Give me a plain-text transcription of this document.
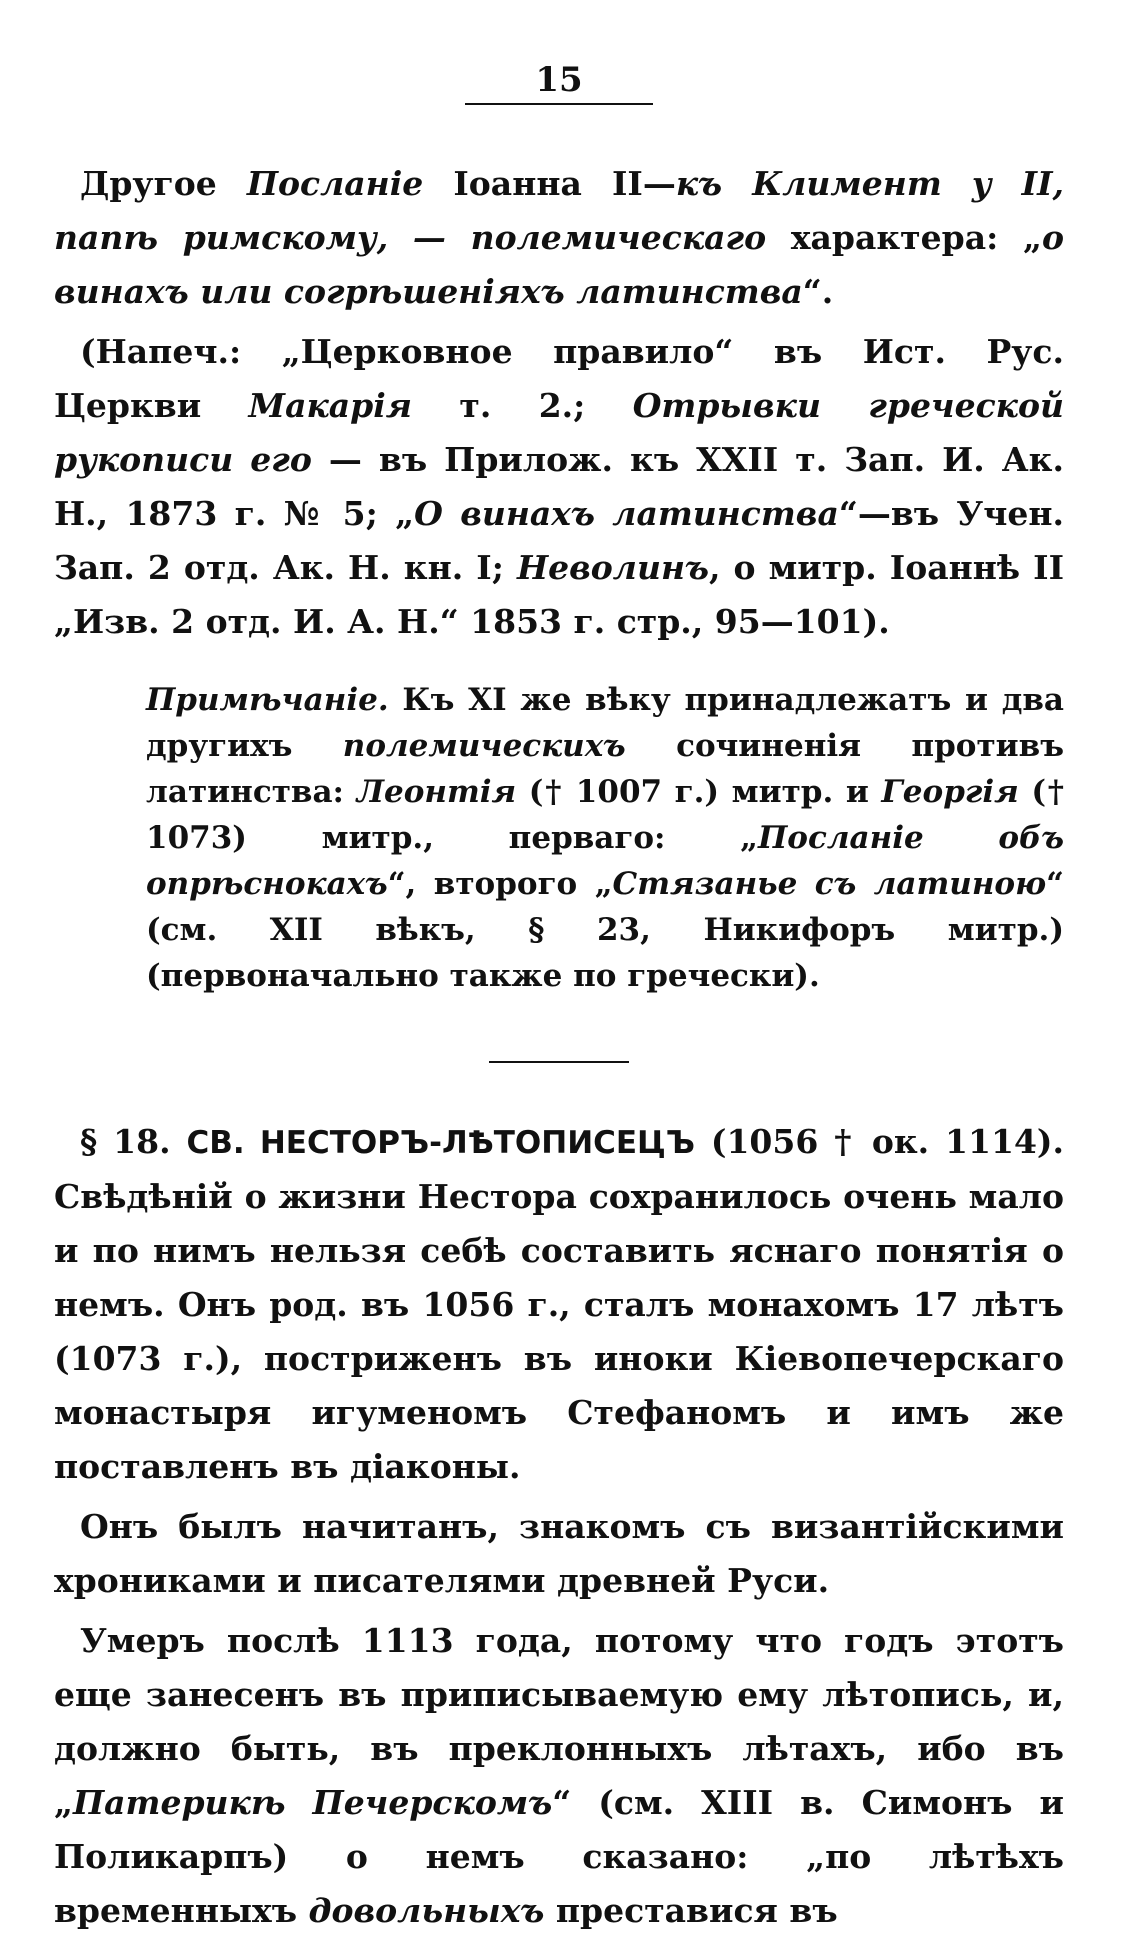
15

Другое Посланіе Іоанна II—къ Климент у II, папѣ римскому, — полемическаго характера: „о винахъ или согрѣшеніяхъ латинства“.

(Напеч.: „Церковное правило“ въ Ист. Рус. Церкви Макарія т. 2.; Отрывки греческой рукописи его — въ Прилож. къ XXII т. Зап. И. Ак. Н., 1873 г. № 5; „О винахъ латинства“—въ Учен. Зап. 2 отд. Ак. Н. кн. I; Неволинъ, о митр. Іоаннѣ II „Изв. 2 отд. И. А. Н.“ 1853 г. стр., 95—101).

Примѣчаніе. Къ XI же вѣку принадлежатъ и два другихъ полемическихъ сочиненія противъ латинства: Леонтія († 1007 г.) митр. и Георгія († 1073) митр., перваго: „Посланіе объ опрѣснокахъ“, второго „Стязанье съ латиною“ (см. XII вѣкъ, § 23, Никифоръ митр.) (первоначально также по гречески).

§ 18. СВ. НЕСТОРЪ-ЛѢТОПИСЕЦЪ (1056 † ок. 1114). Свѣдѣній о жизни Нестора сохранилось очень мало и по нимъ нельзя себѣ составить яснаго понятія о немъ. Онъ род. въ 1056 г., сталъ монахомъ 17 лѣтъ (1073 г.), постриженъ въ иноки Кіевопечерскаго монастыря игуменомъ Стефаномъ и имъ же поставленъ въ діаконы.

Онъ былъ начитанъ, знакомъ съ византійскими хрониками и писателями древней Руси.

Умеръ послѣ 1113 года, потому что годъ этотъ еще занесенъ въ приписываемую ему лѣтопись, и, должно быть, въ преклонныхъ лѣтахъ, ибо въ „Патерикѣ Печерскомъ“ (см. XIII в. Симонъ и Поликарпъ) о немъ сказано: „по лѣтѣхъ временныхъ довольныхъ преставися въ
